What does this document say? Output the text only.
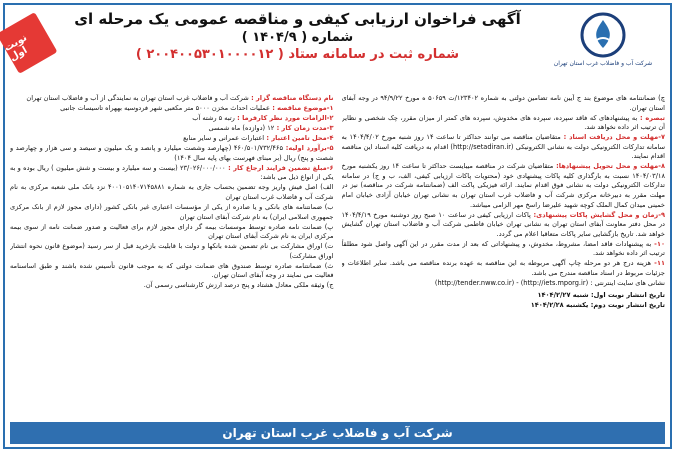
نوبت اول	شرکت آب و فاضلاب غرب استان تهران
آگهی فراخوان ارزیابی کیفی و مناقصه عمومی یک مرحله ای
شماره ( ۱۴۰۴/۹ )
شماره ثبت در سامانه ستاد ( ۲۰۰۴۰۰۵۳۰۱۰۰۰۰۱۲ )

نام دستگاه مناقصه گزار : شرکت آب و فاضلاب غرب استان تهران به نمایندگی از آب و فاضلاب استان تهران

۱-موضوع مناقصه : عملیات احداث مخزن ۵۰۰۰ متر مکعبی شهر فردوسیه بههراه تاسیسات جانبی

۲-الزامات مورد نظر کارفرما : رتبه ۵ رشته آب

۳-مدت زمان کار : ۱۲ (دوازده) ماه شمسی

۴-محل تامین اعتبار : اعتبارات عمرانی و سایر منابع

۵-برآورد اولیه: ۴۶۰/۵۰۱/۷۳۲/۴۶۵ (چهارصد وشصت میلیارد و پانصد و یک میلیون و سیصد و سی هزار و چهارصد و شصت و پنج) ریال (بر مبنای فهرست بهای پایه سال ۱۴۰۴)

۶-مبلغ تضمین فرایند ارجاع کار : ۲۳/۰۲۶/۰۰۰/۰۰۰ (بیست و سه میلیارد و بیست و شش میلیون ) ریال بوده و به یکی از انواع ذیل می باشد:

الف) اصل فیش واریز وجه تضمین بحساب جاری به شماره ۴۰۰۱۰۵۱۴۰۷۱۴۵۸۸۱ نزد بانک ملی شعبه مرکزی به نام شرکت آب و فاضلاب غرب استان تهران

ب) ضمانتنامه های بانکی و یا صادره از یکی از مؤسسات اعتباری غیر بانکی کشور (دارای مجوز لازم از بانک مرکزی جمهوری اسلامی ایران) به نام شرکت آبفای استان تهران

پ) ضمانت نامه صادره توسط موسسات بیمه گر دارای مجوز لازم برای فعالیت و صدور ضمانت نامه از سوی بیمه مرکزی ایران به نام شرکت آبفای استان تهران

ت) اوراق مشارکت بی نام تضمین شده بانکها و دولت با قابلیت بازخرید قبل از سر رسید (موضوع قانون نحوه انتشار اوراق مشارکت)

ث) ضمانتنامه صادره توسط صندوق های ضمانت دولتی که به موجب قانون تأسیس شده باشند و طبق اساسنامه فعالیت می نمایند در وجه آبفای استان تهران.

ج) وثیقه ملکی معادل هشتاد و پنج درصد ارزش کارشناسی رسمی آن.

چ) ضمانتنامه های موضوع بند ج آیین نامه تضامین دولتی به شماره ۱۲۳۴۰۲/ت ۵۰۶۵۹ ه مورخ ۹۴/۹/۲۲ در وجه آبفای استان تهران.

تبصره : به پیشنهادهای که فاقد سپرده، سپرده های مخدوش، سپرده های کمتر از میزان مقرر، چک شخصی و نظایر آن ترتیب اثر داده نخواهد شد.

۷-مهلت و محل دریافت اسناد : متقاضیان مناقصه می توانند حداکثر تا ساعت ۱۴ روز شنبه مورخ ۱۴۰۴/۴/۰۲ به سامانه تدارکات الکترونیکی دولت به نشانی الکترونیکی (http://setadiran.ir) اقدام به دریافت کلیه اسناد این مناقصه اقدام نمایند.

۸-مهلت و محل تحویل پیشنهادها: متقاضیان شرکت در مناقصه میبایست حداکثر تا ساعت ۱۴ روز یکشنبه مورخ ۱۴۰۴/۰۳/۱۸ نسبت به بارگذاری کلیه پاکات پیشنهادی خود (محتویات پاکات ارزیابی کیفی، الف، ب و ج) در سامانه تدارکات الکترونیکی دولت به نشانی فوق اقدام نمایند. ارائه فیزیکی پاکت الف (ضمانتنامه شرکت در مناقصه) نیز در مهلت مقرر به دبیرخانه مرکزی شرکت آب و فاضلاب غرب استان تهران به نشانی تهران خیابان آزادی خیابان امام خمینی میدان کمال الملک کوچه شهید علیرضا راسخ مهر الزامی میباشد.

۹-زمان و محل گشایش پاکات پیشنهادی: پاکات ارزیابی کیفی در ساعت ۱۰ صبح روز دوشنبه مورخ ۱۴۰۴/۴/۱۹ در محل دفتر معاونت آبفای استان تهران به نشانی تهران خیابان فاطمی شرکت آب و فاضلاب استان تهران گشایش خواهد شد. تاریخ بازگشایی سایر پاکات متعاقبا اعلام می گردد.

۱۰- به پیشنهادات فاقد امضا، مشروط، مخدوش، و پیشنهاداتی که بعد از مدت مقرر در این آگهی واصل شود مطلقاً ترتیب اثر داده نخواهد شد.

۱۱- هزینه درج هر دو مرحله چاپ آگهی مربوطه به این مناقصه به عهده برنده مناقصه می باشد. سایر اطلاعات و جزئیات مربوط در اسناد مناقصه مندرج می باشد.

نشانی های سایت اینترنتی : (http://iets.mporg.ir) - (http://tender.nww.co.ir)

تاریخ انتشار نوبت اول: شنبه ۱۴۰۴/۲/۲۷
تاریخ انتشار نوبت دوم: یکشنبه ۱۴۰۴/۲/۲۸
شرکت آب و فاضلاب غرب استان تهران
